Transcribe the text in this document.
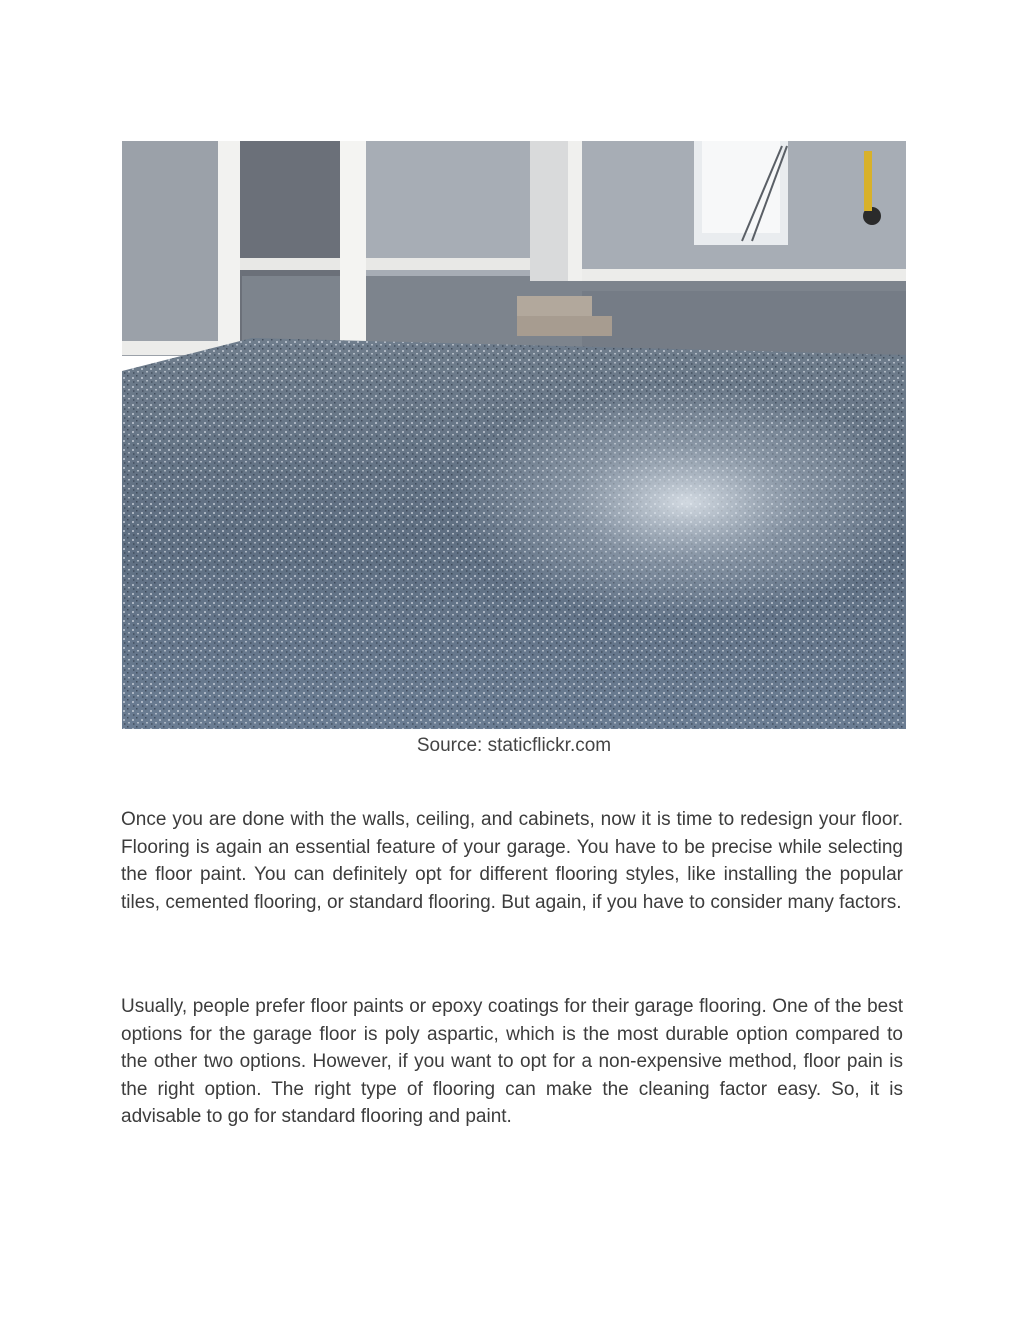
Source: staticflickr.com

Once you are done with the walls, ceiling, and cabinets, now it is time to redesign your floor. Flooring is again an essential feature of your garage. You have to be precise while selecting the floor paint. You can definitely opt for different flooring styles, like installing the popular tiles, cemented flooring, or standard flooring. But again, if you have to consider many factors.

Usually, people prefer floor paints or epoxy coatings for their garage flooring. One of the best options for the garage floor is poly aspartic, which is the most durable option compared to the other two options. However, if you want to opt for a non-expensive method, floor pain is the right option. The right type of flooring can make the cleaning factor easy. So, it is advisable to go for standard flooring and paint.
